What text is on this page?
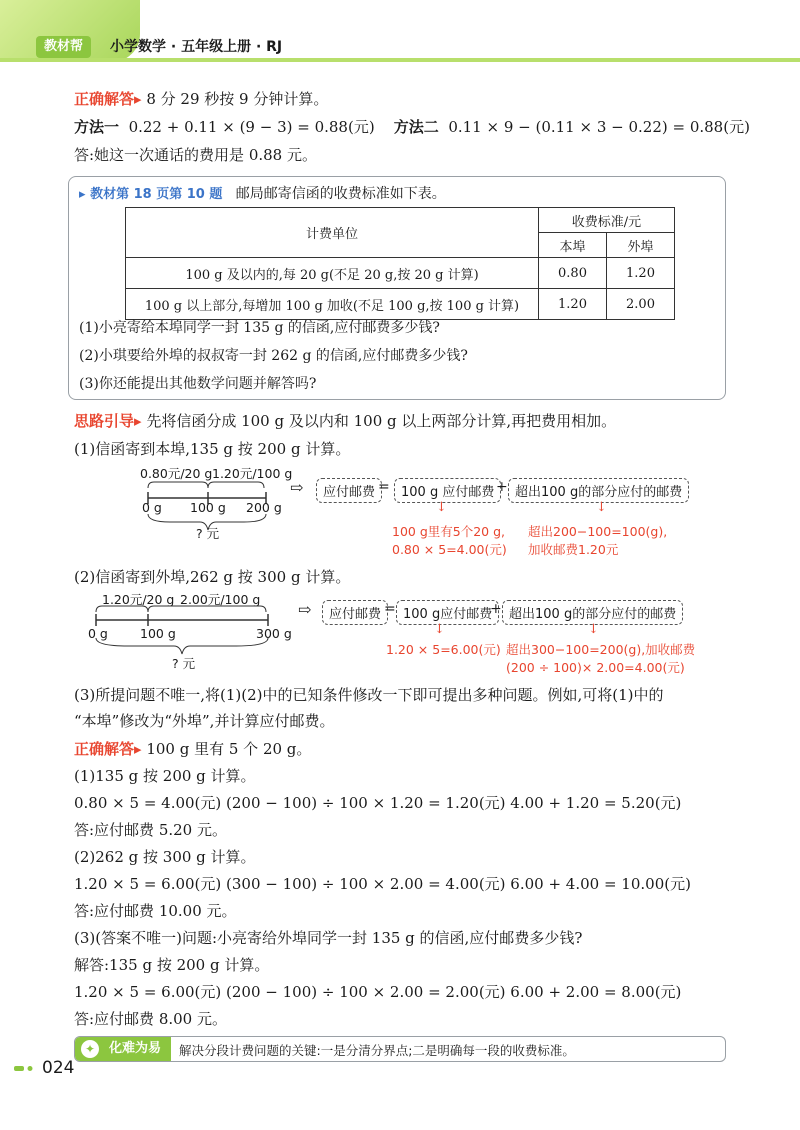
教材帮	小学数学 · 五年级上册 · RJ
正确解答▸ 8 分 29 秒按 9 分钟计算。
方法一 0.22 + 0.11 × (9 − 3) = 0.88(元) 方法二 0.11 × 9 − (0.11 × 3 − 0.22) = 0.88(元)
答:她这一次通话的费用是 0.88 元。
▸ 教材第 18 页第 10 题 邮局邮寄信函的收费标准如下表。
计费单位	收费标准/元	
	本埠	外埠
100 g 及以内的,每 20 g(不足 20 g,按 20 g 计算)	0.80	1.20
100 g 以上部分,每增加 100 g 加收(不足 100 g,按 100 g 计算)	1.20	2.00
(1)小亮寄给本埠同学一封 135 g 的信函,应付邮费多少钱?
(2)小琪要给外埠的叔叔寄一封 262 g 的信函,应付邮费多少钱?
(3)你还能提出其他数学问题并解答吗?
思路引导▸ 先将信函分成 100 g 及以内和 100 g 以上两部分计算,再把费用相加。
(1)信函寄到本埠,135 g 按 200 g 计算。
0.80元/20 g 1.20元/100 g
0 g 100 g 200 g
? 元
⇨	应付邮费 = 100 g 应付邮费 + 超出100 g的部分应付的邮费
↓	↓
100 g里有5个20 g,
0.80 × 5=4.00(元)
超出200−100=100(g),
加收邮费1.20元
(2)信函寄到外埠,262 g 按 300 g 计算。
1.20元/20 g 2.00元/100 g
0 g	100 g	300 g
? 元
⇨	应付邮费 = 100 g应付邮费
+ 超出100 g的部分应付的邮费
↓	↓
1.20 × 5=6.00(元) 超出300−100=200(g),加收邮费
(200 ÷ 100)× 2.00=4.00(元)
(3)所提问题不唯一,将(1)(2)中的已知条件修改一下即可提出多种问题。例如,可将(1)中的
“本埠”修改为“外埠”,并计算应付邮费。
正确解答▸ 100 g 里有 5 个 20 g。
(1)135 g 按 200 g 计算。
0.80 × 5 = 4.00(元) (200 − 100) ÷ 100 × 1.20 = 1.20(元) 4.00 + 1.20 = 5.20(元)
答:应付邮费 5.20 元。
(2)262 g 按 300 g 计算。
1.20 × 5 = 6.00(元) (300 − 100) ÷ 100 × 2.00 = 4.00(元) 6.00 + 4.00 = 10.00(元)
答:应付邮费 10.00 元。
(3)(答案不唯一)问题:小亮寄给外埠同学一封 135 g 的信函,应付邮费多少钱?
解答:135 g 按 200 g 计算。
1.20 × 5 = 6.00(元) (200 − 100) ÷ 100 × 2.00 = 2.00(元) 6.00 + 2.00 = 8.00(元)
答:应付邮费 8.00 元。
✦	化难为易	解决分段计费问题的关键:一是分清分界点;二是明确每一段的收费标准。
024
